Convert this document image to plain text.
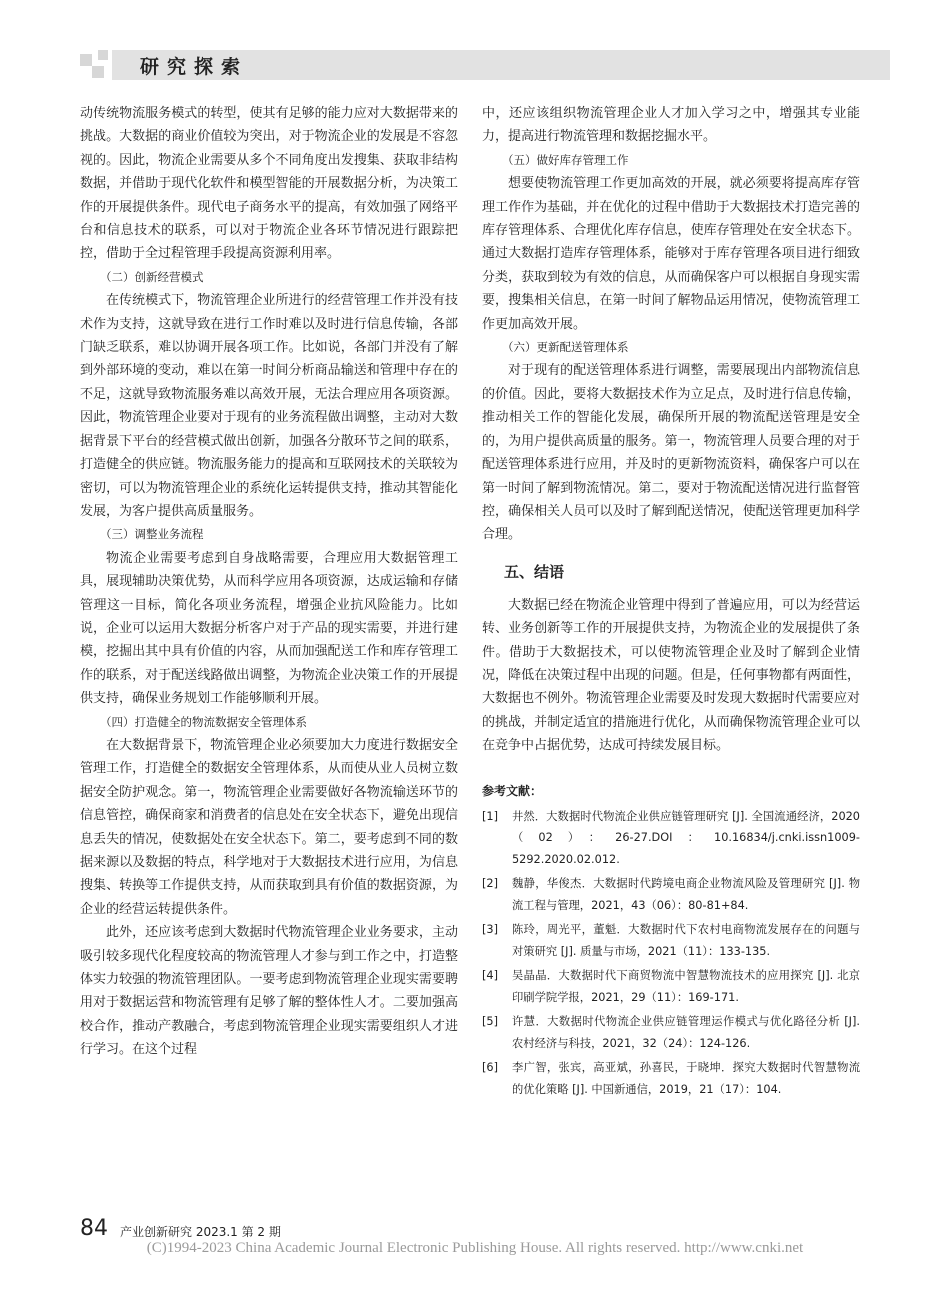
研究探索

动传统物流服务模式的转型，使其有足够的能力应对大数据带来的挑战。大数据的商业价值较为突出，对于物流企业的发展是不容忽视的。因此，物流企业需要从多个不同角度出发搜集、获取非结构数据，并借助于现代化软件和模型智能的开展数据分析，为决策工作的开展提供条件。现代电子商务水平的提高，有效加强了网络平台和信息技术的联系，可以对于物流企业各环节情况进行跟踪把控，借助于全过程管理手段提高资源利用率。

（二）创新经营模式

在传统模式下，物流管理企业所进行的经营管理工作并没有技术作为支持，这就导致在进行工作时难以及时进行信息传输，各部门缺乏联系，难以协调开展各项工作。比如说，各部门并没有了解到外部环境的变动，难以在第一时间分析商品输送和管理中存在的不足，这就导致物流服务难以高效开展，无法合理应用各项资源。因此，物流管理企业要对于现有的业务流程做出调整，主动对大数据背景下平台的经营模式做出创新，加强各分散环节之间的联系，打造健全的供应链。物流服务能力的提高和互联网技术的关联较为密切，可以为物流管理企业的系统化运转提供支持，推动其智能化发展，为客户提供高质量服务。

（三）调整业务流程

物流企业需要考虑到自身战略需要，合理应用大数据管理工具，展现辅助决策优势，从而科学应用各项资源，达成运输和存储管理这一目标，简化各项业务流程，增强企业抗风险能力。比如说，企业可以运用大数据分析客户对于产品的现实需要，并进行建模，挖掘出其中具有价值的内容，从而加强配送工作和库存管理工作的联系，对于配送线路做出调整，为物流企业决策工作的开展提供支持，确保业务规划工作能够顺利开展。

（四）打造健全的物流数据安全管理体系

在大数据背景下，物流管理企业必须要加大力度进行数据安全管理工作，打造健全的数据安全管理体系，从而使从业人员树立数据安全防护观念。第一，物流管理企业需要做好各物流输送环节的信息管控，确保商家和消费者的信息处在安全状态下，避免出现信息丢失的情况，使数据处在安全状态下。第二，要考虑到不同的数据来源以及数据的特点，科学地对于大数据技术进行应用，为信息搜集、转换等工作提供支持，从而获取到具有价值的数据资源，为企业的经营运转提供条件。

此外，还应该考虑到大数据时代物流管理企业业务要求，主动吸引较多现代化程度较高的物流管理人才参与到工作之中，打造整体实力较强的物流管理团队。一要考虑到物流管理企业现实需要聘用对于数据运营和物流管理有足够了解的整体性人才。二要加强高校合作，推动产教融合，考虑到物流管理企业现实需要组织人才进行学习。在这个过程

中，还应该组织物流管理企业人才加入学习之中，增强其专业能力，提高进行物流管理和数据挖掘水平。

（五）做好库存管理工作

想要使物流管理工作更加高效的开展，就必须要将提高库存管理工作作为基础，并在优化的过程中借助于大数据技术打造完善的库存管理体系、合理优化库存信息，使库存管理处在安全状态下。通过大数据打造库存管理体系，能够对于库存管理各项目进行细致分类，获取到较为有效的信息，从而确保客户可以根据自身现实需要，搜集相关信息，在第一时间了解物品运用情况，使物流管理工作更加高效开展。

（六）更新配送管理体系

对于现有的配送管理体系进行调整，需要展现出内部物流信息的价值。因此，要将大数据技术作为立足点，及时进行信息传输，推动相关工作的智能化发展，确保所开展的物流配送管理是安全的，为用户提供高质量的服务。第一，物流管理人员要合理的对于配送管理体系进行应用，并及时的更新物流资料，确保客户可以在第一时间了解到物流情况。第二，要对于物流配送情况进行监督管控，确保相关人员可以及时了解到配送情况，使配送管理更加科学合理。

五、结语

大数据已经在物流企业管理中得到了普遍应用，可以为经营运转、业务创新等工作的开展提供支持，为物流企业的发展提供了条件。借助于大数据技术，可以使物流管理企业及时了解到企业情况，降低在决策过程中出现的问题。但是，任何事物都有两面性，大数据也不例外。物流管理企业需要及时发现大数据时代需要应对的挑战，并制定适宜的措施进行优化，从而确保物流管理企业可以在竞争中占据优势，达成可持续发展目标。

参考文献：
[1]	井然．大数据时代物流企业供应链管理研究 [J]. 全国流通经济，2020（02）：26-27.DOI：10.16834/j.cnki.issn1009-5292.2020.02.012.
[2]	魏静，华俊杰．大数据时代跨境电商企业物流风险及管理研究 [J]. 物流工程与管理，2021，43（06）：80-81+84.
[3]	陈玲，周光平，董魁．大数据时代下农村电商物流发展存在的问题与对策研究 [J]. 质量与市场，2021（11）：133-135.
[4]	吴晶晶．大数据时代下商贸物流中智慧物流技术的应用探究 [J]. 北京印刷学院学报，2021，29（11）：169-171.
[5]	许慧．大数据时代物流企业供应链管理运作模式与优化路径分析 [J]. 农村经济与科技，2021，32（24）：124-126.
[6]	李广智，张宾，高亚斌，孙喜民，于晓坤．探究大数据时代智慧物流的优化策略 [J]. 中国新通信，2019，21（17）：104.
84 产业创新研究 2023.1 第 2 期
(C)1994-2023 China Academic Journal Electronic Publishing House. All rights reserved. http://www.cnki.net
